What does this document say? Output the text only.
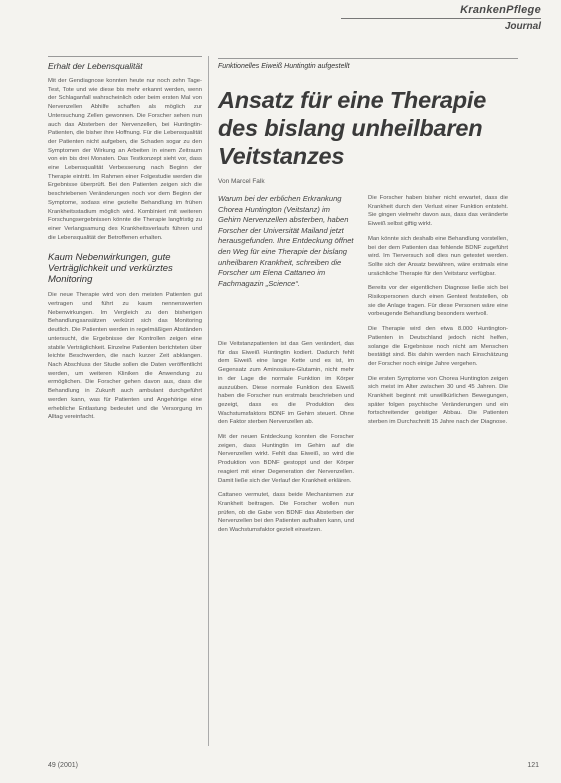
KrankenPflege
Journal
Erhalt der Lebensqualität

Mit der Gendiagnose konnten heute nur noch zehn Tage-Test, Tote und wie diese bis mehr erkannt werden, wenn der Schlaganfall wahrscheinlich oder beim ersten Mal von Nervenzellen Abhilfe schaffen als möglich zur Untersuchung Zellen gewonnen. Die Forscher sehen nun auch das Absterben der Nervenzellen, bei Huntingtin-Patienten, die bisher ihre Hoffnung. Für die Lebensqualität der Patienten nicht aufgeben, die Schaden sogar zu den Symptomen der Wirkung an Arbeiten in einem Zeitraum von ein bis drei Monaten. Das Testkonzept sieht vor, dass eine Lebensqualität Verbesserung nach Beginn der Therapie eintritt. Im Rahmen einer Folgestudie werden die Ergebnisse überprüft. Bei den Patienten zeigen sich die beschriebenen Veränderungen noch vor dem Beginn der Symptome, sodass eine gezielte Behandlung im frühen Krankheitsstadium möglich wird. Kombiniert mit weiteren Forschungsergebnissen könnte die Therapie langfristig zu einer Verlangsamung des Krankheitsverlaufs führen und die Lebensqualität der Betroffenen erhalten.

Kaum Nebenwirkungen, gute Verträglichkeit und verkürztes Monitoring

Die neue Therapie wird von den meisten Patienten gut vertragen und führt zu kaum nennenswerten Nebenwirkungen. Im Vergleich zu den bisherigen Behandlungsansätzen verkürzt sich das Monitoring deutlich. Die Patienten werden in regelmäßigen Abständen untersucht, die Ergebnisse der Kontrollen zeigen eine stabile Verträglichkeit. Einzelne Patienten berichteten über leichte Beschwerden, die nach kurzer Zeit abklangen. Nach Abschluss der Studie sollen die Daten veröffentlicht werden, um weiteren Kliniken die Anwendung zu ermöglichen. Die Forscher gehen davon aus, dass die Behandlung in Zukunft auch ambulant durchgeführt werden kann, was für Patienten und Angehörige eine erhebliche Entlastung bedeutet und die Versorgung im Alltag vereinfacht.

Funktionelles Eiweiß Huntingtin aufgestellt
Ansatz für eine Therapie des bislang unheilbaren Veitstanzes
Von Marcel Falk

Warum bei der erblichen Erkrankung Chorea Huntington (Veitstanz) im Gehirn Nervenzellen absterben, haben Forscher der Universität Mailand jetzt herausgefunden. Ihre Entdeckung öffnet den Weg für eine Therapie der bislang unheilbaren Krankheit, schreiben die Forscher um Elena Cattaneo im Fachmagazin „Science“.

Die Veitstanzpatienten ist das Gen verändert, das für das Eiweiß Huntingtin kodiert. Dadurch fehlt dem Eiweiß eine lange Kette und es ist, im Gegensatz zum Aminosäure-Glutamin, nicht mehr in der Lage die normale Funktion im Körper auszuüben. Diese normale Funktion des Eiweiß haben die Forscher nun erstmals beschrieben und gezeigt, dass es die Produktion des Wachstumsfaktors BDNF im Gehirn steuert. Ohne den Faktor sterben Nervenzellen ab.

Mit der neuen Entdeckung konnten die Forscher zeigen, dass Huntingtin im Gehirn auf die Nervenzellen wirkt. Fehlt das Eiweiß, so wird die Produktion von BDNF gestoppt und der Körper reagiert mit einer Degeneration der Nervenzellen. Damit ließe sich der Verlauf der Krankheit erklären.

Cattaneo vermutet, dass beide Mechanismen zur Krankheit beitragen. Die Forscher wollen nun prüfen, ob die Gabe von BDNF das Absterben der Nervenzellen bei den Patienten aufhalten kann, und den Wachstumsfaktor gezielt einsetzen.

Die Forscher haben bisher nicht erwartet, dass die Krankheit durch den Verlust einer Funktion entsteht. Sie gingen vielmehr davon aus, dass das veränderte Eiweiß selbst giftig wirkt.

Man könnte sich deshalb eine Behandlung vorstellen, bei der dem Patienten das fehlende BDNF zugeführt wird. Im Tierversuch soll dies nun getestet werden. Sollte sich der Ansatz bewähren, wäre erstmals eine ursächliche Therapie für den Veitstanz verfügbar.

Bereits vor der eigentlichen Diagnose ließe sich bei Risikopersonen durch einen Gentest feststellen, ob sie die Anlage tragen. Für diese Personen wäre eine vorbeugende Behandlung besonders wertvoll.

Die Therapie wird den etwa 8.000 Huntington-Patienten in Deutschland jedoch nicht helfen, solange die Ergebnisse noch nicht am Menschen bestätigt sind. Bis dahin werden nach Einschätzung der Forscher noch einige Jahre vergehen.

Die ersten Symptome von Chorea Huntington zeigen sich meist im Alter zwischen 30 und 45 Jahren. Die Krankheit beginnt mit unwillkürlichen Bewegungen, später folgen psychische Veränderungen und ein fortschreitender geistiger Abbau. Die Patienten sterben im Durchschnitt 15 Jahre nach der Diagnose.

49 (2001)	121
